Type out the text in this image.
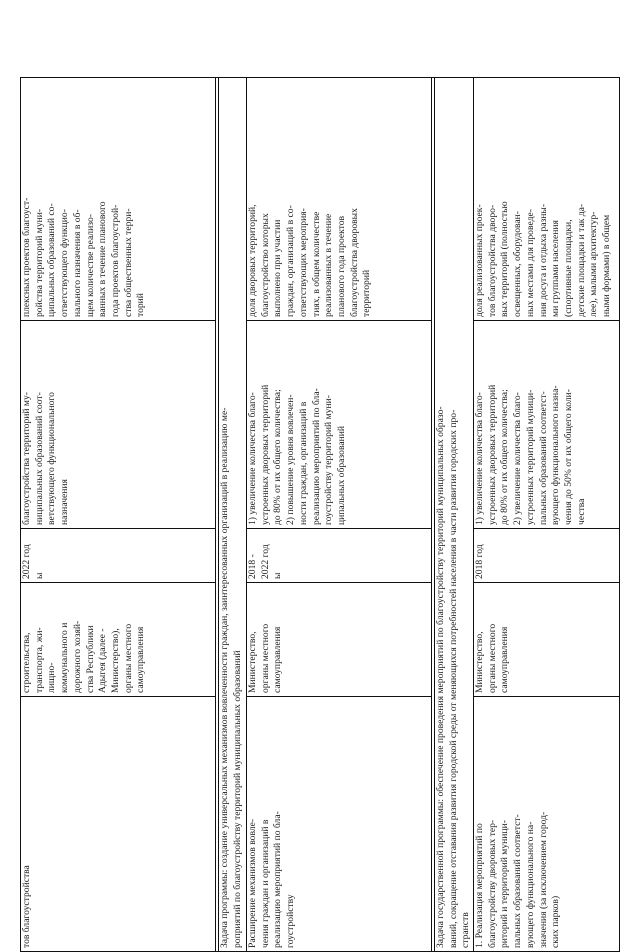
тов благоустройства
строительства,
транспорта, жи-
лищно-
коммунального и
дорожного хозяй-
ства Республики
Адыгея (далее -
Министерство),
органы местного
самоуправления
2022 год
ы
благоустройства территорий му-
ниципальных образований соот-
ветствующего функционального
назначения
плексных проектов благоуст-
ройства территорий муни-
ципальных образований со-
ответствующего функцио-
нального назначения в об-
щем количестве реализо-
ванных в течение планового
года проектов благоустрой-
ства общественных терри-
торий
Задача программы: создание универсальных механизмов вовлеченности граждан, заинтересованных организаций в реализацию ме-
роприятий по благоустройству территорий муниципальных образований
Расширение механизмов вовле-
чения граждан и организаций в
реализацию мероприятий по бла-
гоустройству
Министерство,
органы местного
самоуправления
2018 -
2022 год
ы
1) увеличение количества благо-
устроенных дворовых территорий
до 80% от их общего количества;
2) повышение уровня вовлечен-
ности граждан, организаций в
реализацию мероприятий по бла-
гоустройству территорий муни-
ципальных образований
доля дворовых территорий,
благоустройство которых
выполнено при участии
граждан, организаций в со-
ответствующих мероприя-
тиях, в общем количестве
реализованных в течение
планового года проектов
благоустройства дворовых
территорий
Задача государственной программы: обеспечение проведения мероприятий по благоустройству территорий муниципальных образо-
ваний, сокращение отставания развития городской среды от меняющихся потребностей населения в части развития городских про-
странств 1. Реализация мероприятий по
благоустройству дворовых тер-
риторий и территорий муници-
пальных образований соответст-
вующего функционального на-
значения (за исключением город-
ских парков)
Министерство,
органы местного
самоуправления
2018 год
1) увеличение количества благо-
устроенных дворовых территорий
до 80% от их общего количества;
2) увеличение количества благо-
устроенных территорий муници-
пальных образований соответст-
вующего функционального назна-
чения до 50% от их общего коли-
чества
доля реализованных проек-
тов благоустройства дворо-
вых территорий (полностью
освещенных, оборудован-
ных местами для проведе-
ния досуга и отдыха разны-
ми группами населения
(спортивные площадки,
детские площадки и так да-
лее), малыми архитектур-
ными формами) в общем
